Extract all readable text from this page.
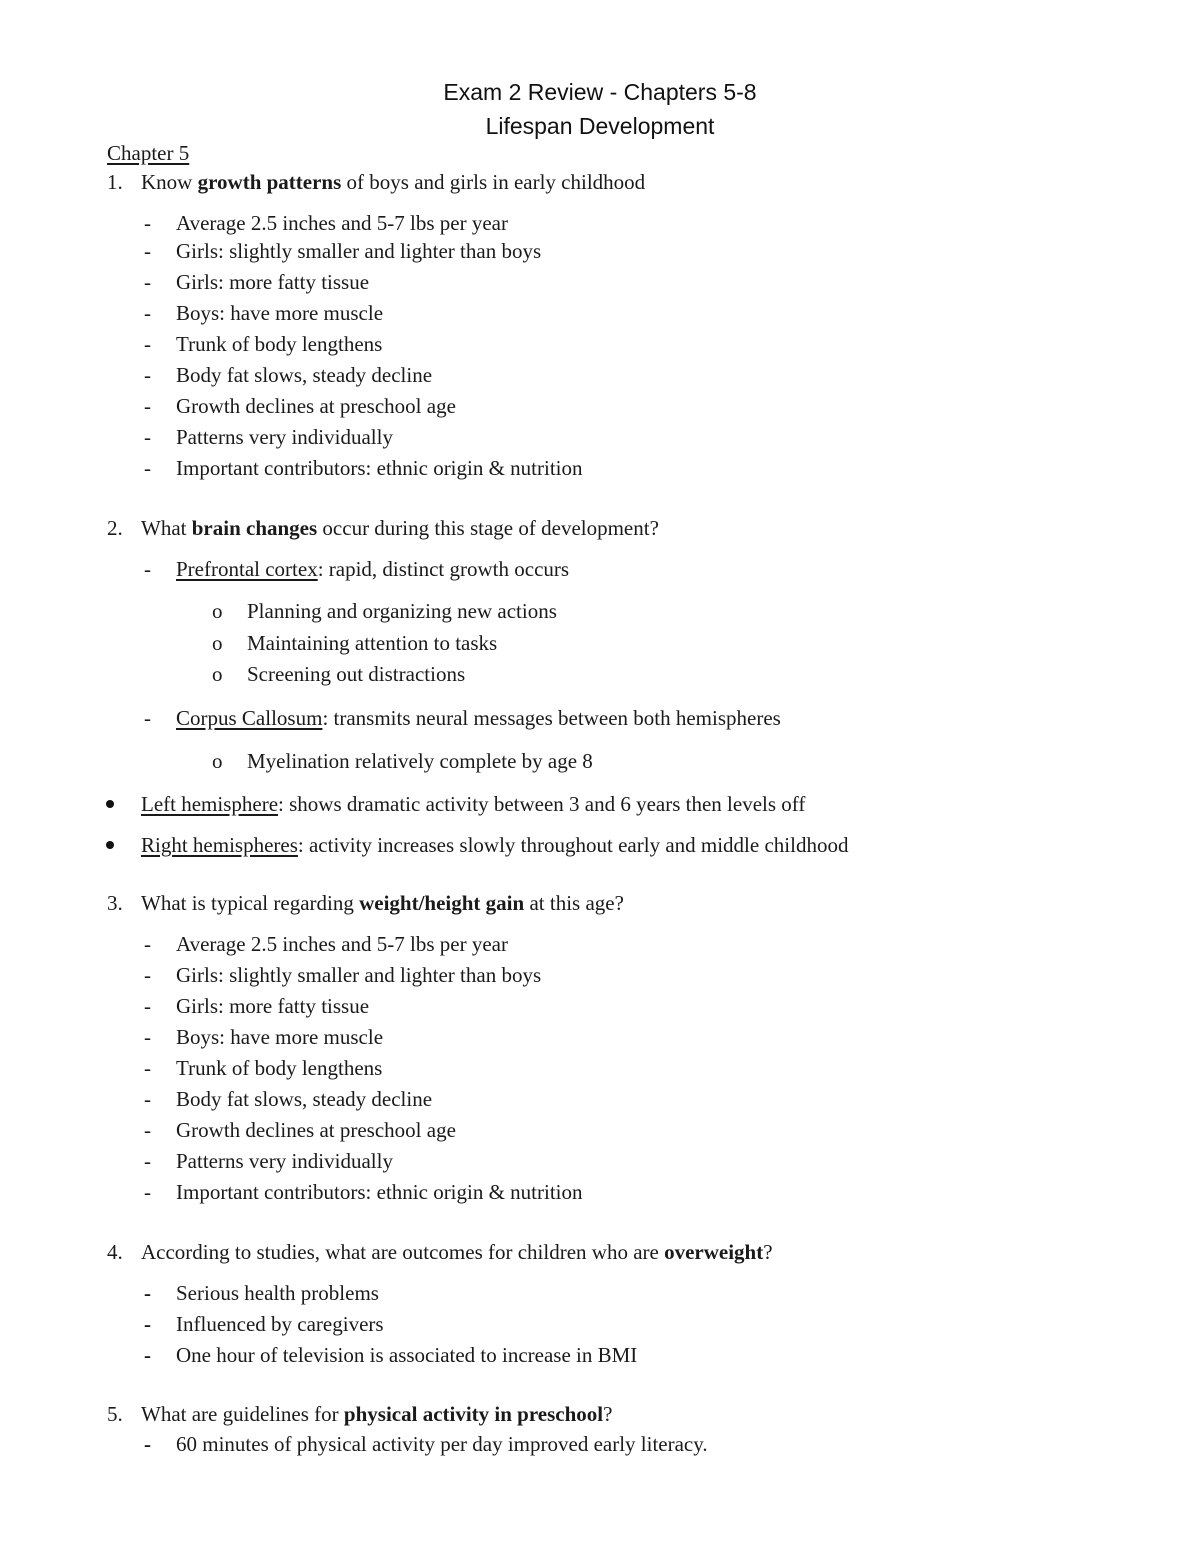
Exam 2 Review - Chapters 5-8
Lifespan Development
Chapter 5
1. Know growth patterns of boys and girls in early childhood
- Average 2.5 inches and 5-7 lbs per year
- Girls: slightly smaller and lighter than boys
- Girls: more fatty tissue
- Boys: have more muscle
- Trunk of body lengthens
- Body fat slows, steady decline
- Growth declines at preschool age
- Patterns very individually
- Important contributors: ethnic origin & nutrition
2. What brain changes occur during this stage of development?
- Prefrontal cortex: rapid, distinct growth occurs
o Planning and organizing new actions
o Maintaining attention to tasks
o Screening out distractions
- Corpus Callosum: transmits neural messages between both hemispheres
o Myelination relatively complete by age 8
Left hemisphere: shows dramatic activity between 3 and 6 years then levels off
Right hemispheres: activity increases slowly throughout early and middle childhood
3. What is typical regarding weight/height gain at this age?
- Average 2.5 inches and 5-7 lbs per year
- Girls: slightly smaller and lighter than boys
- Girls: more fatty tissue
- Boys: have more muscle
- Trunk of body lengthens
- Body fat slows, steady decline
- Growth declines at preschool age
- Patterns very individually
- Important contributors: ethnic origin & nutrition
4. According to studies, what are outcomes for children who are overweight?
- Serious health problems
- Influenced by caregivers
- One hour of television is associated to increase in BMI
5. What are guidelines for physical activity in preschool?
- 60 minutes of physical activity per day improved early literacy.
